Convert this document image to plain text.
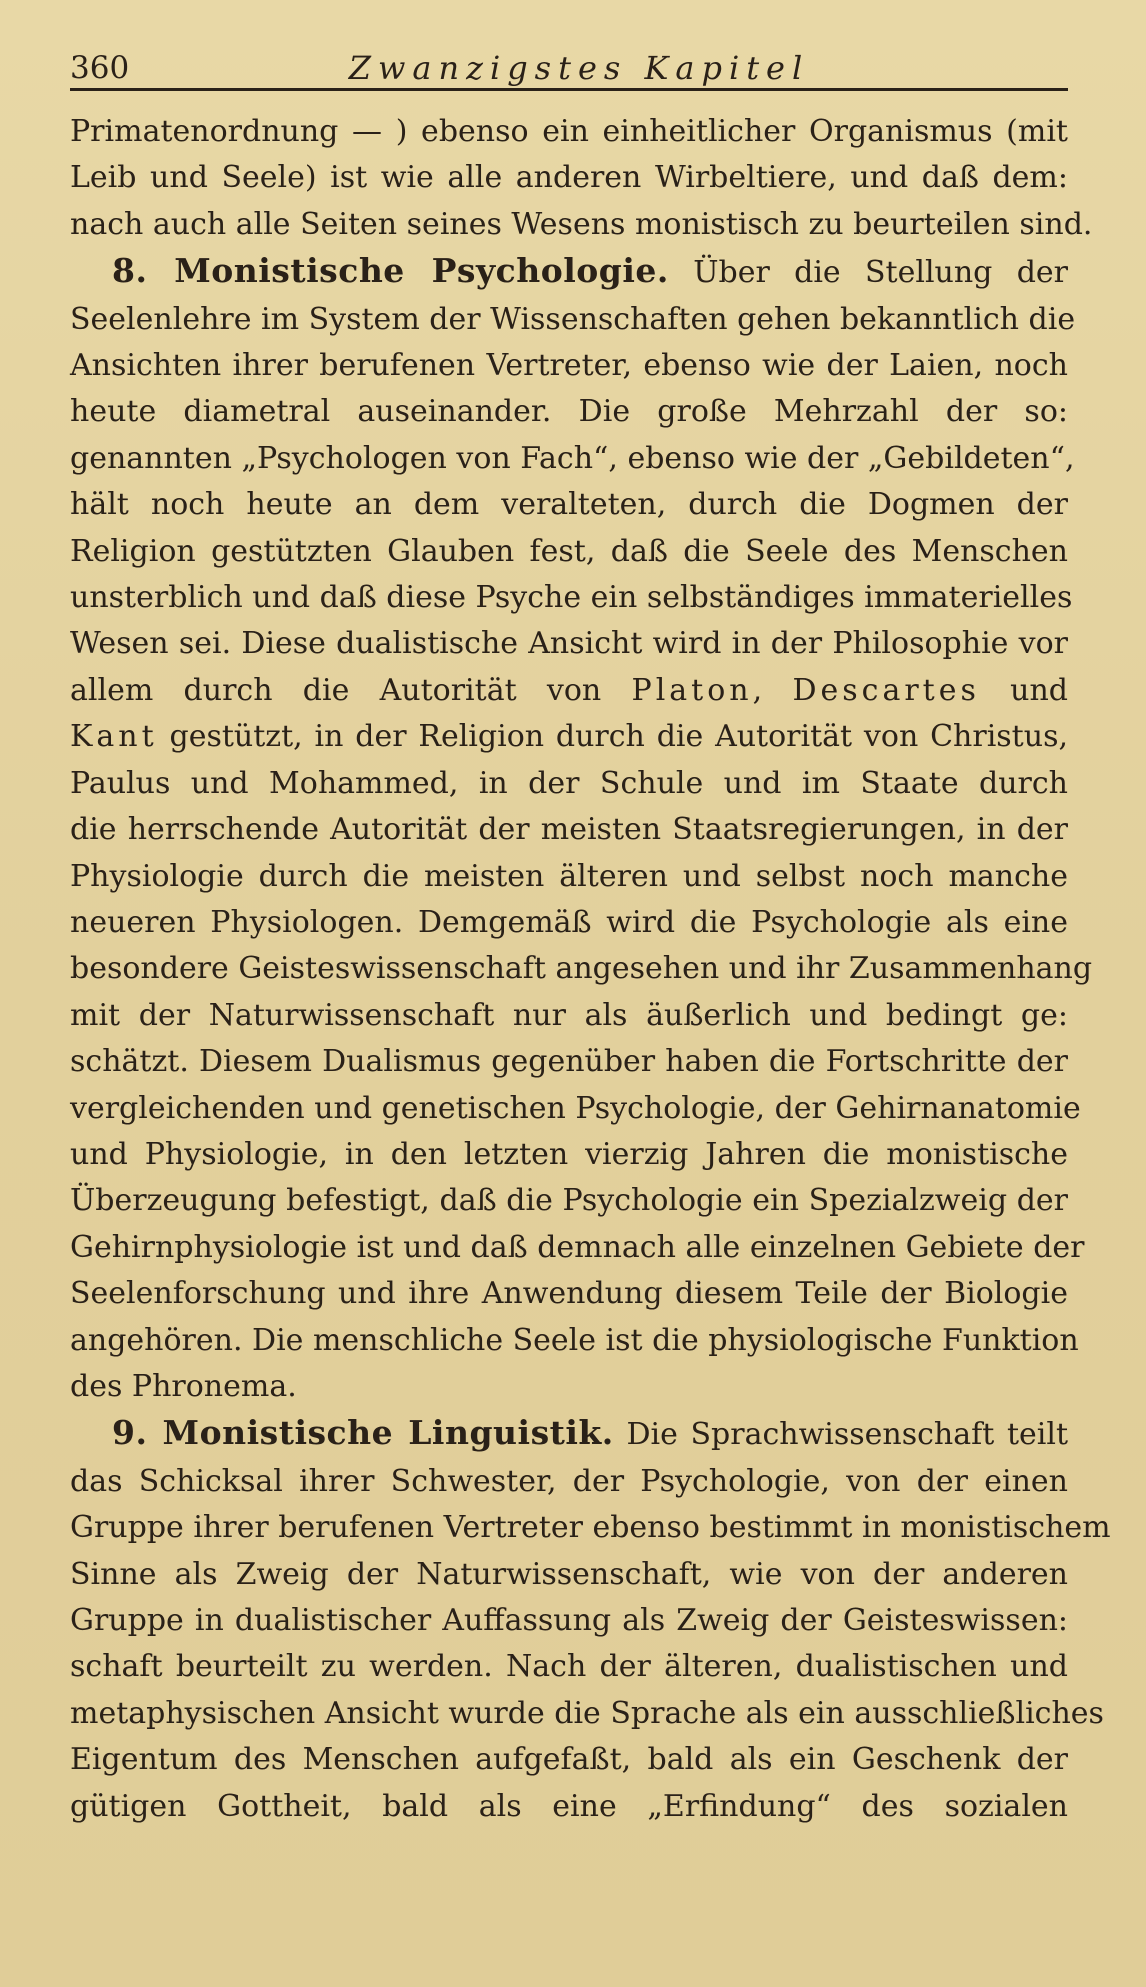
360	Zwanzigstes Kapitel
Primatenordnung — ) ebenso ein einheitlicher Organismus (mit
Leib und Seele) ist wie alle anderen Wirbeltiere, und daß dem:
nach auch alle Seiten seines Wesens monistisch zu beurteilen sind.
8. Monistische Psychologie. Über die Stellung der
Seelenlehre im System der Wissenschaften gehen bekanntlich die
Ansichten ihrer berufenen Vertreter, ebenso wie der Laien, noch
heute diametral auseinander. Die große Mehrzahl der so:
genannten „Psychologen von Fach“, ebenso wie der „Gebildeten“,
hält noch heute an dem veralteten, durch die Dogmen der
Religion gestützten Glauben fest, daß die Seele des Menschen
unsterblich und daß diese Psyche ein selbständiges immaterielles
Wesen sei. Diese dualistische Ansicht wird in der Philosophie vor
allem durch die Autorität von Platon, Descartes und
Kant gestützt, in der Religion durch die Autorität von Christus,
Paulus und Mohammed, in der Schule und im Staate durch
die herrschende Autorität der meisten Staatsregierungen, in der
Physiologie durch die meisten älteren und selbst noch manche
neueren Physiologen. Demgemäß wird die Psychologie als eine
besondere Geisteswissenschaft angesehen und ihr Zusammenhang
mit der Naturwissenschaft nur als äußerlich und bedingt ge:
schätzt. Diesem Dualismus gegenüber haben die Fortschritte der
vergleichenden und genetischen Psychologie, der Gehirnanatomie
und Physiologie, in den letzten vierzig Jahren die monistische
Überzeugung befestigt, daß die Psychologie ein Spezialzweig der
Gehirnphysiologie ist und daß demnach alle einzelnen Gebiete der
Seelenforschung und ihre Anwendung diesem Teile der Biologie
angehören. Die menschliche Seele ist die physiologische Funktion
des Phronema.
9. Monistische Linguistik. Die Sprachwissenschaft teilt
das Schicksal ihrer Schwester, der Psychologie, von der einen
Gruppe ihrer berufenen Vertreter ebenso bestimmt in monistischem
Sinne als Zweig der Naturwissenschaft, wie von der anderen
Gruppe in dualistischer Auffassung als Zweig der Geisteswissen:
schaft beurteilt zu werden. Nach der älteren, dualistischen und
metaphysischen Ansicht wurde die Sprache als ein ausschließliches
Eigentum des Menschen aufgefaßt, bald als ein Geschenk der
gütigen Gottheit, bald als eine „Erfindung“ des sozialen
